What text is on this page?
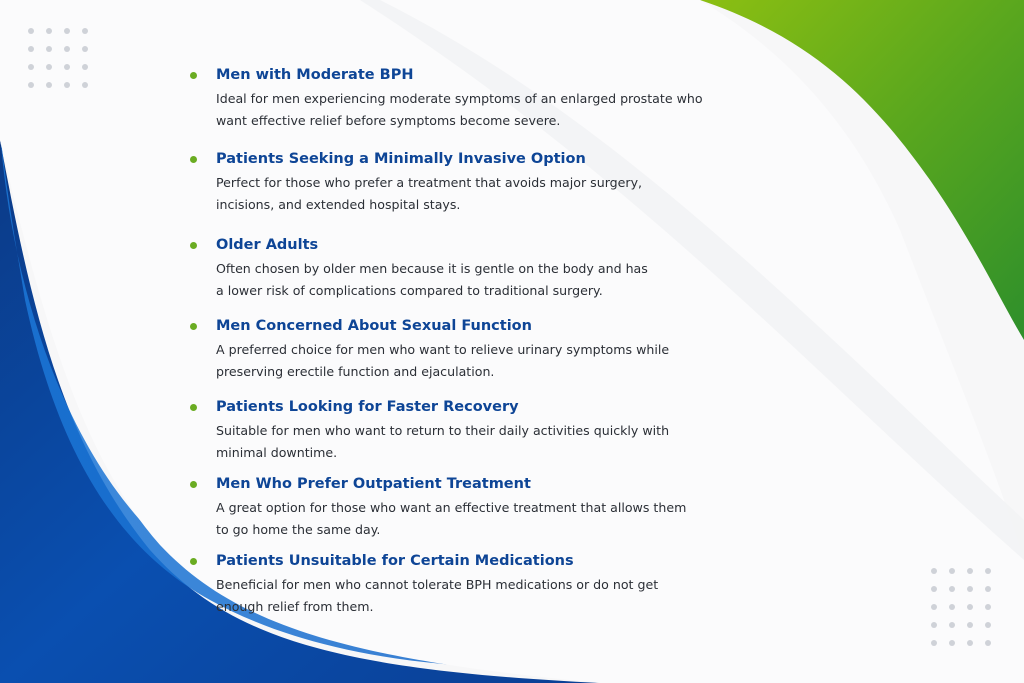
Men with Moderate BPH

Ideal for men experiencing moderate symptoms of an enlarged prostate who
want effective relief before symptoms become severe.

Patients Seeking a Minimally Invasive Option

Perfect for those who prefer a treatment that avoids major surgery,
incisions, and extended hospital stays.

Older Adults

Often chosen by older men because it is gentle on the body and has
a lower risk of complications compared to traditional surgery.

Men Concerned About Sexual Function

A preferred choice for men who want to relieve urinary symptoms while
preserving erectile function and ejaculation.

Patients Looking for Faster Recovery

Suitable for men who want to return to their daily activities quickly with
minimal downtime.

Men Who Prefer Outpatient Treatment

A great option for those who want an effective treatment that allows them
to go home the same day.

Patients Unsuitable for Certain Medications

Beneficial for men who cannot tolerate BPH medications or do not get
enough relief from them.
